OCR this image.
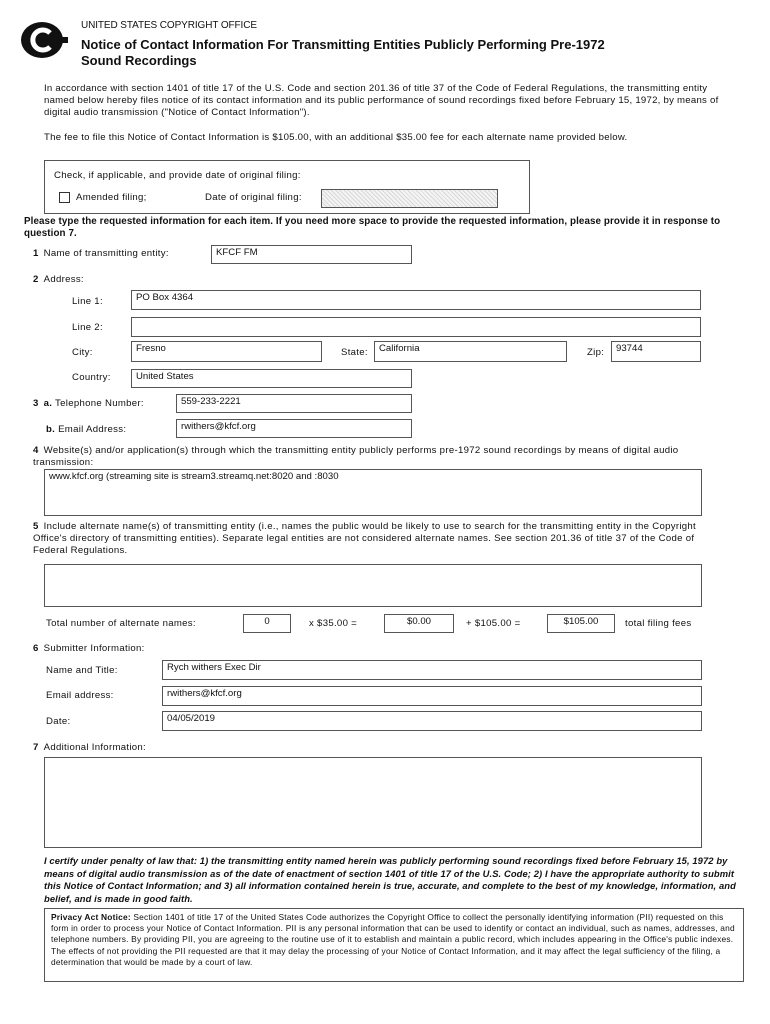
UNITED STATES COPYRIGHT OFFICE
Notice of Contact Information For Transmitting Entities Publicly Performing Pre-1972
Sound Recordings
In accordance with section 1401 of title 17 of the U.S. Code and section 201.36 of title 37 of the Code of Federal Regulations, the transmitting entity named below hereby files notice of its contact information and its public performance of sound recordings fixed before February 15, 1972, by means of digital audio transmission ("Notice of Contact Information").
The fee to file this Notice of Contact Information is $105.00, with an additional $35.00 fee for each alternate name provided below.
Check, if applicable, and provide date of original filing:
Amended filing;	Date of original filing:
Please type the requested information for each item. If you need more space to provide the requested information, please provide it in response to question 7.
1 Name of transmitting entity:	KFCF FM
2 Address:
Line 1:	PO Box 4364
Line 2:
City:	Fresno	State:	California	Zip:	93744
Country:	United States
3 a. Telephone Number:	559-233-2221
b. Email Address:	rwithers@kfcf.org
4 Website(s) and/or application(s) through which the transmitting entity publicly performs pre-1972 sound recordings by means of digital audio transmission:
www.kfcf.org (streaming site is stream3.streamq.net:8020 and :8030
5 Include alternate name(s) of transmitting entity (i.e., names the public would be likely to use to search for the transmitting entity in the Copyright Office's directory of transmitting entities). Separate legal entities are not considered alternate names. See section 201.36 of title 37 of the Code of Federal Regulations.
Total number of alternate names:	0	x $35.00 =	$0.00	+ $105.00 =	$105.00	total filing fees
6 Submitter Information:
Name and Title:	Rych withers Exec Dir
Email address:	rwithers@kfcf.org
Date:	04/05/2019
7 Additional Information:
I certify under penalty of law that: 1) the transmitting entity named herein was publicly performing sound recordings fixed before February 15, 1972 by means of digital audio transmission as of the date of enactment of section 1401 of title 17 of the U.S. Code; 2) I have the appropriate authority to submit this Notice of Contact Information; and 3) all information contained herein is true, accurate, and complete to the best of my knowledge, information, and belief, and is made in good faith.
Privacy Act Notice: Section 1401 of title 17 of the United States Code authorizes the Copyright Office to collect the personally identifying information (PII) requested on this form in order to process your Notice of Contact Information. PII is any personal information that can be used to identify or contact an individual, such as names, addresses, and telephone numbers. By providing PII, you are agreeing to the routine use of it to establish and maintain a public record, which includes appearing in the Office's public indexes. The effects of not providing the PII requested are that it may delay the processing of your Notice of Contact Information, and it may affect the legal sufficiency of the filing, a determination that would be made by a court of law.
